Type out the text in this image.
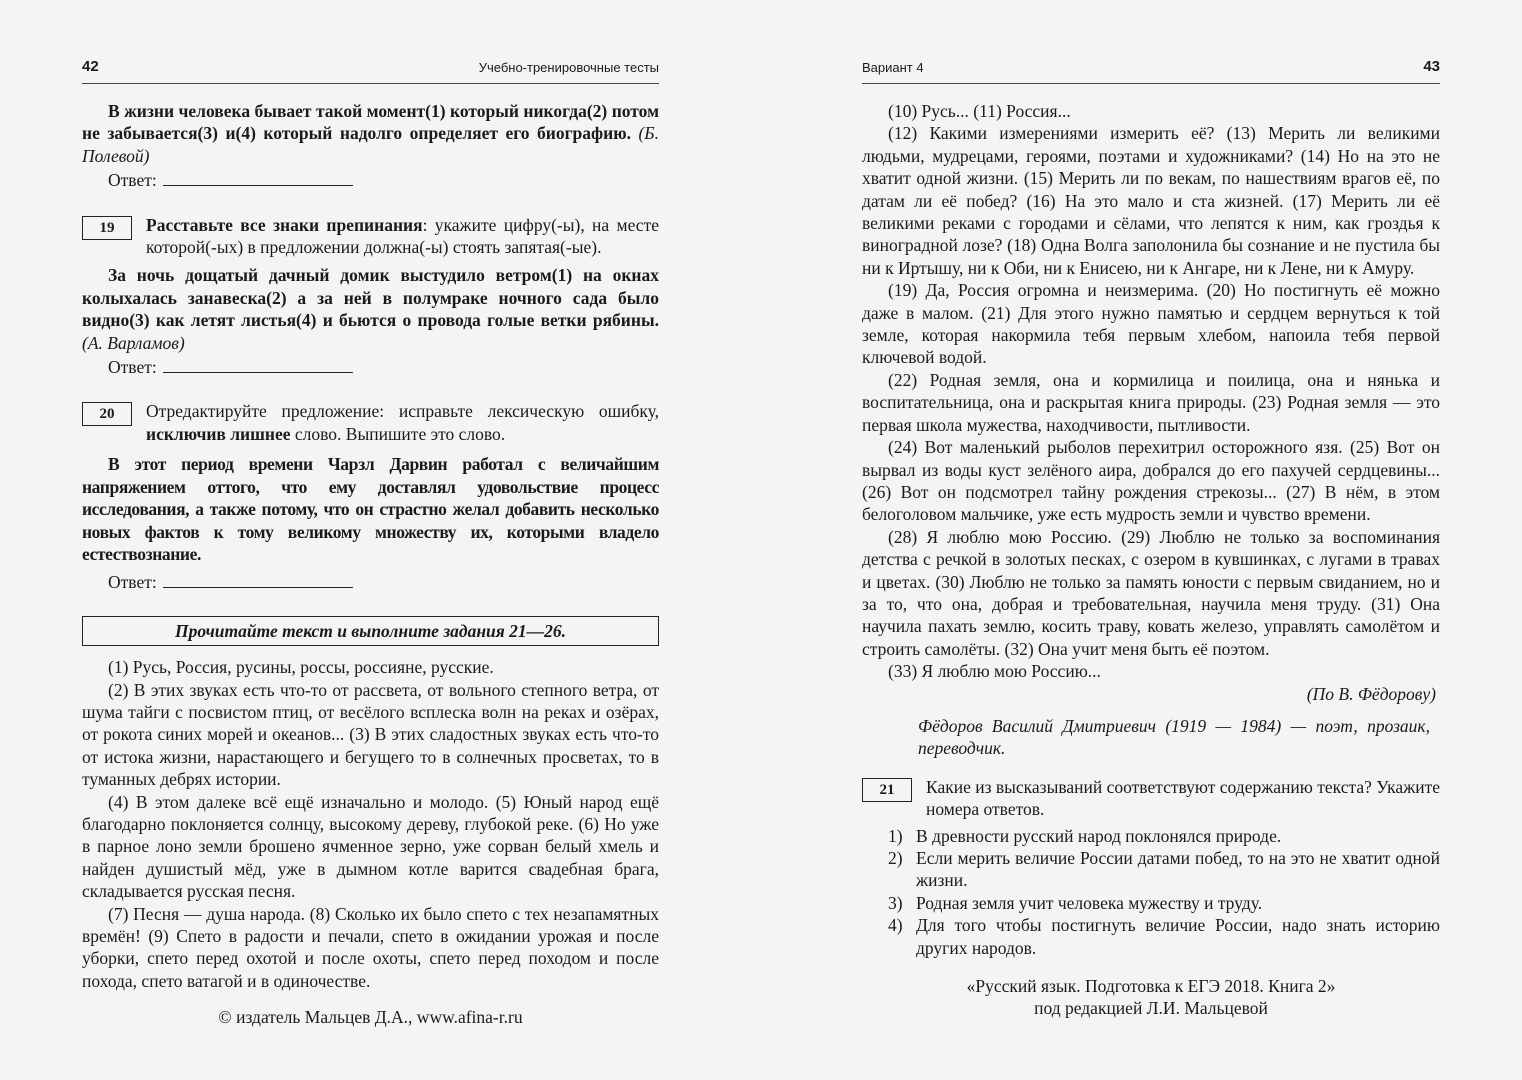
42	Учебно-тренировочные тесты

В жизни человека бывает такой момент(1) который никогда(2) потом не забывается(3) и(4) который надолго определяет его биографию. (Б. Полевой)

Ответ:
19	Расставьте все знаки препинания: укажите цифру(-ы), на месте которой(-ых) в предложении должна(-ы) стоять запятая(-ые).

За ночь дощатый дачный домик выстудило ветром(1) на окнах колыхалась занавеска(2) а за ней в полумраке ночного сада было видно(3) как летят листья(4) и бьются о провода голые ветки рябины. (А. Варламов)

Ответ:
20	Отредактируйте предложение: исправьте лексическую ошибку, исключив лишнее слово. Выпишите это слово.

В этот период времени Чарзл Дарвин работал с величайшим напряжением оттого, что ему доставлял удовольствие процесс исследования, а также потому, что он страстно желал добавить несколько новых фактов к тому великому множеству их, которыми владело естествознание.

Ответ:
Прочитайте текст и выполните задания 21—26.

(1) Русь, Россия, русины, россы, россияне, русские.

(2) В этих звуках есть что-то от рассвета, от вольного степного ветра, от шума тайги с посвистом птиц, от весёлого всплеска волн на реках и озёрах, от рокота синих морей и океанов... (3) В этих сладостных звуках есть что-то от истока жизни, нарастающего и бегущего то в солнечных просветах, то в туманных дебрях истории.

(4) В этом далеке всё ещё изначально и молодо. (5) Юный народ ещё благодарно поклоняется солнцу, высокому дереву, глубокой реке. (6) Но уже в парное лоно земли брошено ячменное зерно, уже сорван белый хмель и найден душистый мёд, уже в дымном котле варится свадебная брага, складывается русская песня.

(7) Песня — душа народа. (8) Сколько их было спето с тех незапамятных времён! (9) Спето в радости и печали, спето в ожидании урожая и после уборки, спето перед охотой и после охоты, спето перед походом и после похода, спето ватагой и в одиночестве.

© издатель Мальцев Д.А., www.afina-r.ru

Вариант 4	43

(10) Русь... (11) Россия...

(12) Какими измерениями измерить её? (13) Мерить ли великими людьми, мудрецами, героями, поэтами и художниками? (14) Но на это не хватит одной жизни. (15) Мерить ли по векам, по нашествиям врагов её, по датам ли её побед? (16) На это мало и ста жизней. (17) Мерить ли её великими реками с городами и сёлами, что лепятся к ним, как гроздья к виноградной лозе? (18) Одна Волга заполонила бы сознание и не пустила бы ни к Иртышу, ни к Оби, ни к Енисею, ни к Ангаре, ни к Лене, ни к Амуру.

(19) Да, Россия огромна и неизмерима. (20) Но постигнуть её можно даже в малом. (21) Для этого нужно памятью и сердцем вернуться к той земле, которая накормила тебя первым хлебом, напоила тебя первой ключевой водой.

(22) Родная земля, она и кормилица и поилица, она и нянька и воспитательница, она и раскрытая книга природы. (23) Родная земля — это первая школа мужества, находчивости, пытливости.

(24) Вот маленький рыболов перехитрил осторожного язя. (25) Вот он вырвал из воды куст зелёного аира, добрался до его пахучей сердцевины... (26) Вот он подсмотрел тайну рождения стрекозы... (27) В нём, в этом белоголовом мальчике, уже есть мудрость земли и чувство времени.

(28) Я люблю мою Россию. (29) Люблю не только за воспоминания детства с речкой в золотых песках, с озером в кувшинках, с лугами в травах и цветах. (30) Люблю не только за память юности с первым свиданием, но и за то, что она, добрая и требовательная, научила меня труду. (31) Она научила пахать землю, косить траву, ковать железо, управлять самолётом и строить самолёты. (32) Она учит меня быть её поэтом.

(33) Я люблю мою Россию...

(По В. Фёдорову)

Фёдоров Василий Дмитриевич (1919 — 1984) — поэт, прозаик, переводчик.

21	Какие из высказываний соответствуют содержанию текста? Укажите номера ответов.

1) В древности русский народ поклонялся природе.
2) Если мерить величие России датами побед, то на это не хватит одной жизни.
3) Родная земля учит человека мужеству и труду.
4) Для того чтобы постигнуть величие России, надо знать историю других народов.

«Русский язык. Подготовка к ЕГЭ 2018. Книга 2»

под редакцией Л.И. Мальцевой
